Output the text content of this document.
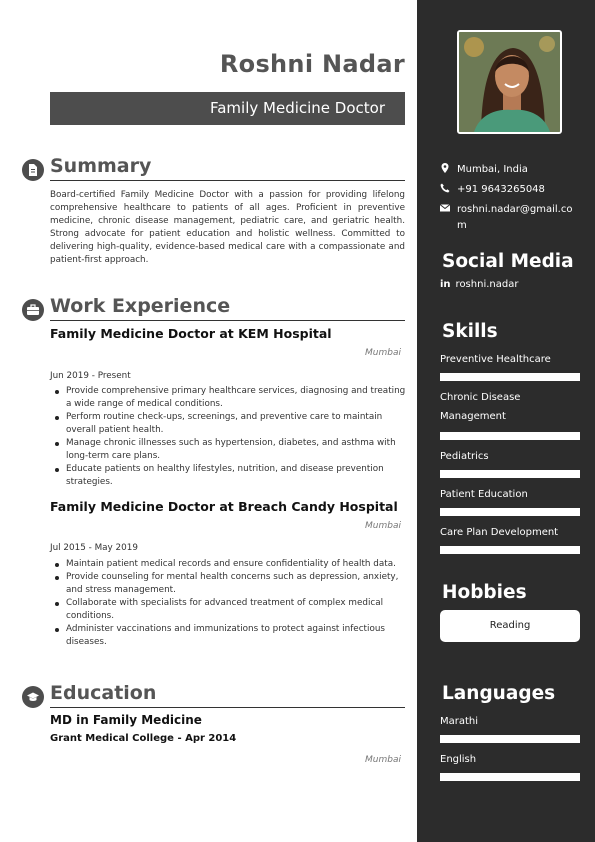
Roshni Nadar
Family Medicine Doctor
Summary
Board-certified Family Medicine Doctor with a passion for providing lifelong comprehensive healthcare to patients of all ages. Proficient in preventive medicine, chronic disease management, pediatric care, and geriatric health. Strong advocate for patient education and holistic wellness. Committed to delivering high-quality, evidence-based medical care with a compassionate and patient-first approach.
Work Experience
Family Medicine Doctor at KEM Hospital
Mumbai
Jun 2019 - Present
Provide comprehensive primary healthcare services, diagnosing and treating a wide range of medical conditions.
Perform routine check-ups, screenings, and preventive care to maintain overall patient health.
Manage chronic illnesses such as hypertension, diabetes, and asthma with long-term care plans.
Educate patients on healthy lifestyles, nutrition, and disease prevention strategies.
Family Medicine Doctor at Breach Candy Hospital
Mumbai
Jul 2015 - May 2019
Maintain patient medical records and ensure confidentiality of health data.
Provide counseling for mental health concerns such as depression, anxiety, and stress management.
Collaborate with specialists for advanced treatment of complex medical conditions.
Administer vaccinations and immunizations to protect against infectious diseases.
Education
MD in Family Medicine
Grant Medical College - Apr 2014
Mumbai
Mumbai, India
+91 9643265048
roshni.nadar@gmail.com
Social Media
in roshni.nadar
Skills
Preventive Healthcare
Chronic Disease Management
Pediatrics
Patient Education
Care Plan Development
Hobbies
Reading
Languages
Marathi
English
